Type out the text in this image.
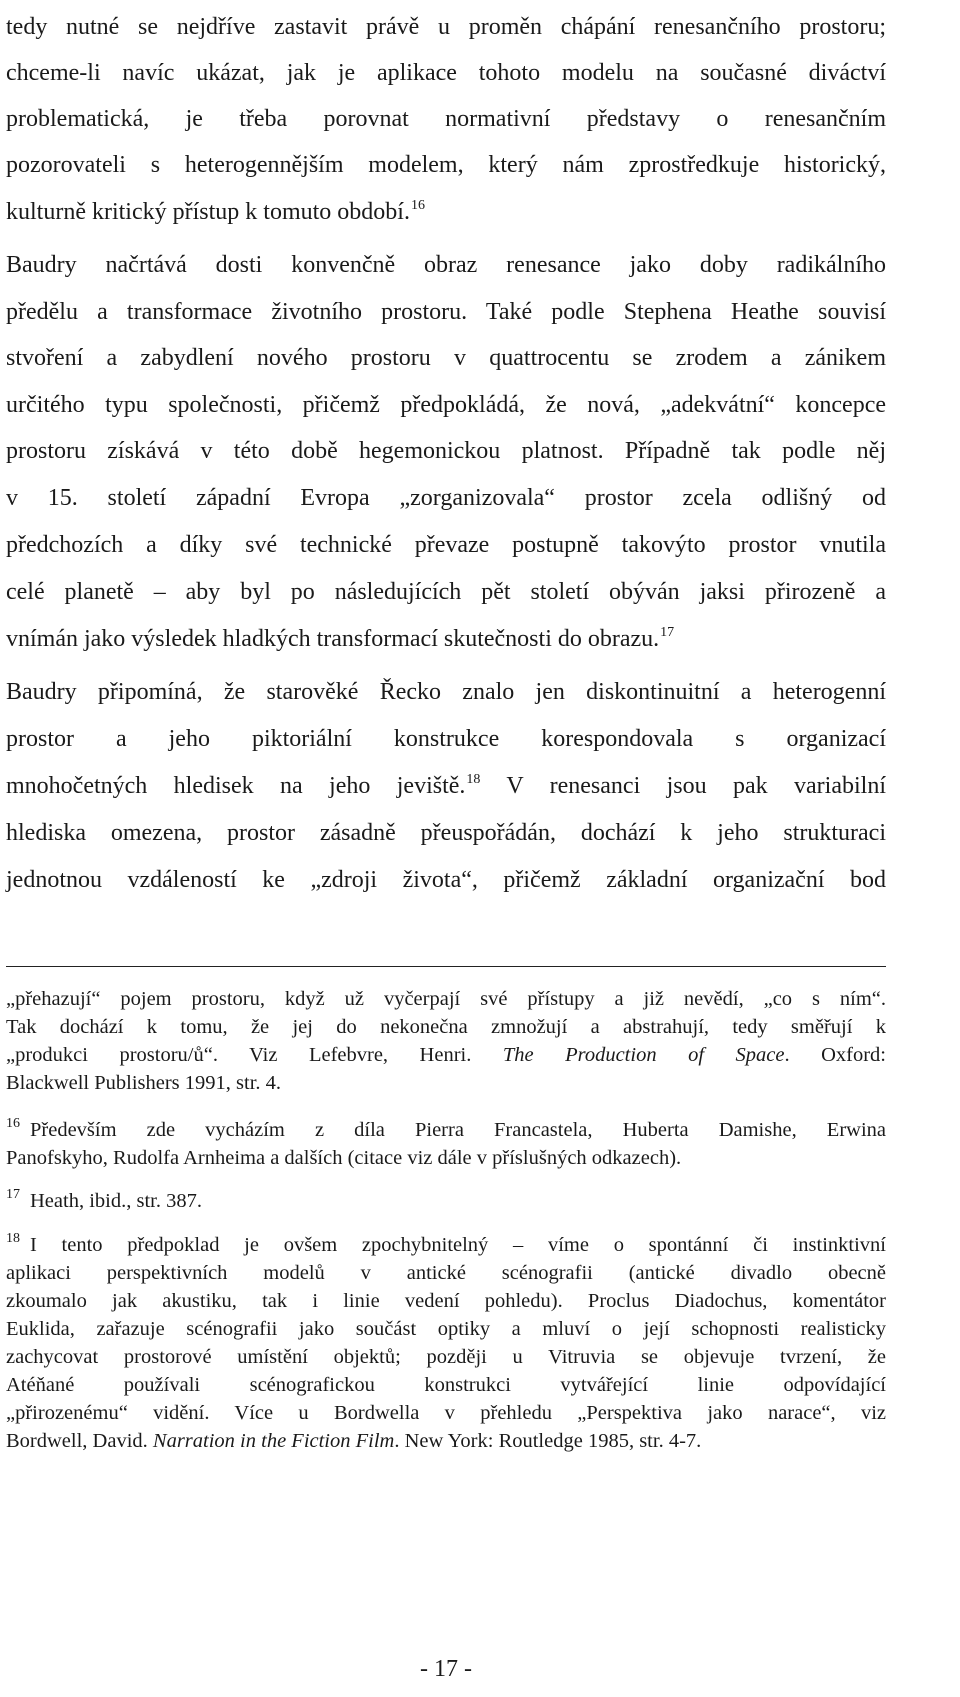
tedy nutné se nejdříve zastavit právě u proměn chápání renesančního prostoru;
chceme-li navíc ukázat, jak je aplikace tohoto modelu na současné diváctví
problematická, je třeba porovnat normativní představy o renesančním
pozorovateli s heterogennějším modelem, který nám zprostředkuje historický,
kulturně kritický přístup k tomuto období.$^{16}$
Baudry načrtává dosti konvenčně obraz renesance jako doby radikálního
předělu a transformace životního prostoru. Také podle Stephena Heathe souvisí
stvoření a zabydlení nového prostoru v quattrocentu se zrodem a zánikem
určitého typu společnosti, přičemž předpokládá, že nová, „adekvátní“ koncepce
prostoru získává v této době hegemonickou platnost. Případně tak podle něj
v 15. století západní Evropa „zorganizovala“ prostor zcela odlišný od
předchozích a díky své technické převaze postupně takovýto prostor vnutila
celé planetě – aby byl po následujících pět století obýván jaksi přirozeně a
vnímán jako výsledek hladkých transformací skutečnosti do obrazu.$^{17}$
Baudry připomíná, že starověké Řecko znalo jen diskontinuitní a heterogenní
prostor a jeho piktoriální konstrukce korespondovala s organizací
mnohočetných hledisek na jeho jeviště.$^{18}$ V renesanci jsou pak variabilní
hlediska omezena, prostor zásadně přeuspořádán, dochází k jeho strukturaci
jednotnou vzdáleností ke „zdroji života“, přičemž základní organizační bod
„přehazují“ pojem prostoru, když už vyčerpají své přístupy a již nevědí, „co s ním“.
Tak dochází k tomu, že jej do nekonečna zmnožují a abstrahují, tedy směřují k
„produkci prostoru/ů“. Viz Lefebvre, Henri. The Production of Space. Oxford:
Blackwell Publishers 1991, str. 4.
$^{16}$ Především zde vycházím z díla Pierra Francastela, Huberta Damishe, Erwina
Panofskyho, Rudolfa Arnheima a dalších (citace viz dále v příslušných odkazech).
$^{17}$ Heath, ibid., str. 387.
$^{18}$ I tento předpoklad je ovšem zpochybnitelný – víme o spontánní či instinktivní
aplikaci perspektivních modelů v antické scénografii (antické divadlo obecně
zkoumalo jak akustiku, tak i linie vedení pohledu). Proclus Diadochus, komentátor
Euklida, zařazuje scénografii jako součást optiky a mluví o její schopnosti realisticky
zachycovat prostorové umístění objektů; později u Vitruvia se objevuje tvrzení, že
Atéňané používali scénografickou konstrukci vytvářející linie odpovídající
„přirozenému“ vidění. Více u Bordwella v přehledu „Perspektiva jako narace“, viz
Bordwell, David. Narration in the Fiction Film. New York: Routledge 1985, str. 4-7.
- 17 -
